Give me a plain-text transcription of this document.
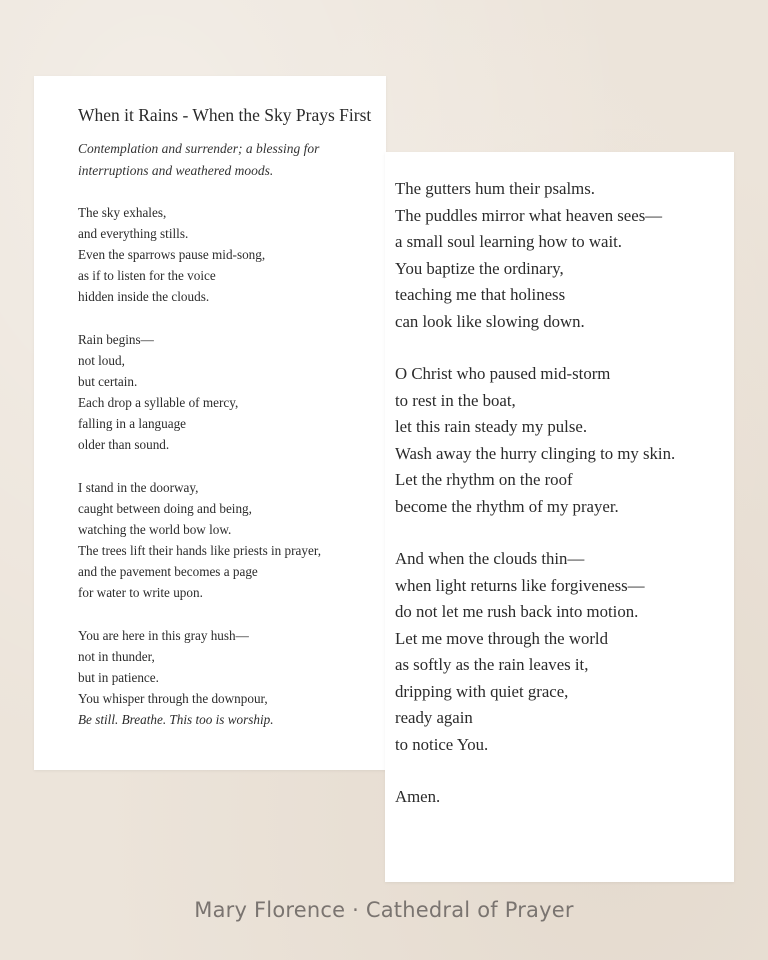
When it Rains - When the Sky Prays First

Contemplation and surrender; a blessing for interruptions and weathered moods.

The sky exhales,
and everything stills.
Even the sparrows pause mid-song,
as if to listen for the voice
hidden inside the clouds.
Rain begins—
not loud,
but certain.
Each drop a syllable of mercy,
falling in a language
older than sound.
I stand in the doorway,
caught between doing and being,
watching the world bow low.
The trees lift their hands like priests in prayer,
and the pavement becomes a page
for water to write upon.
You are here in this gray hush—
not in thunder,
but in patience.
You whisper through the downpour,
Be still. Breathe. This too is worship.
The gutters hum their psalms.
The puddles mirror what heaven sees—
a small soul learning how to wait.
You baptize the ordinary,
teaching me that holiness
can look like slowing down.
O Christ who paused mid-storm
to rest in the boat,
let this rain steady my pulse.
Wash away the hurry clinging to my skin.
Let the rhythm on the roof
become the rhythm of my prayer.
And when the clouds thin—
when light returns like forgiveness—
do not let me rush back into motion.
Let me move through the world
as softly as the rain leaves it,
dripping with quiet grace,
ready again
to notice You.
Amen.
Mary Florence · Cathedral of Prayer
